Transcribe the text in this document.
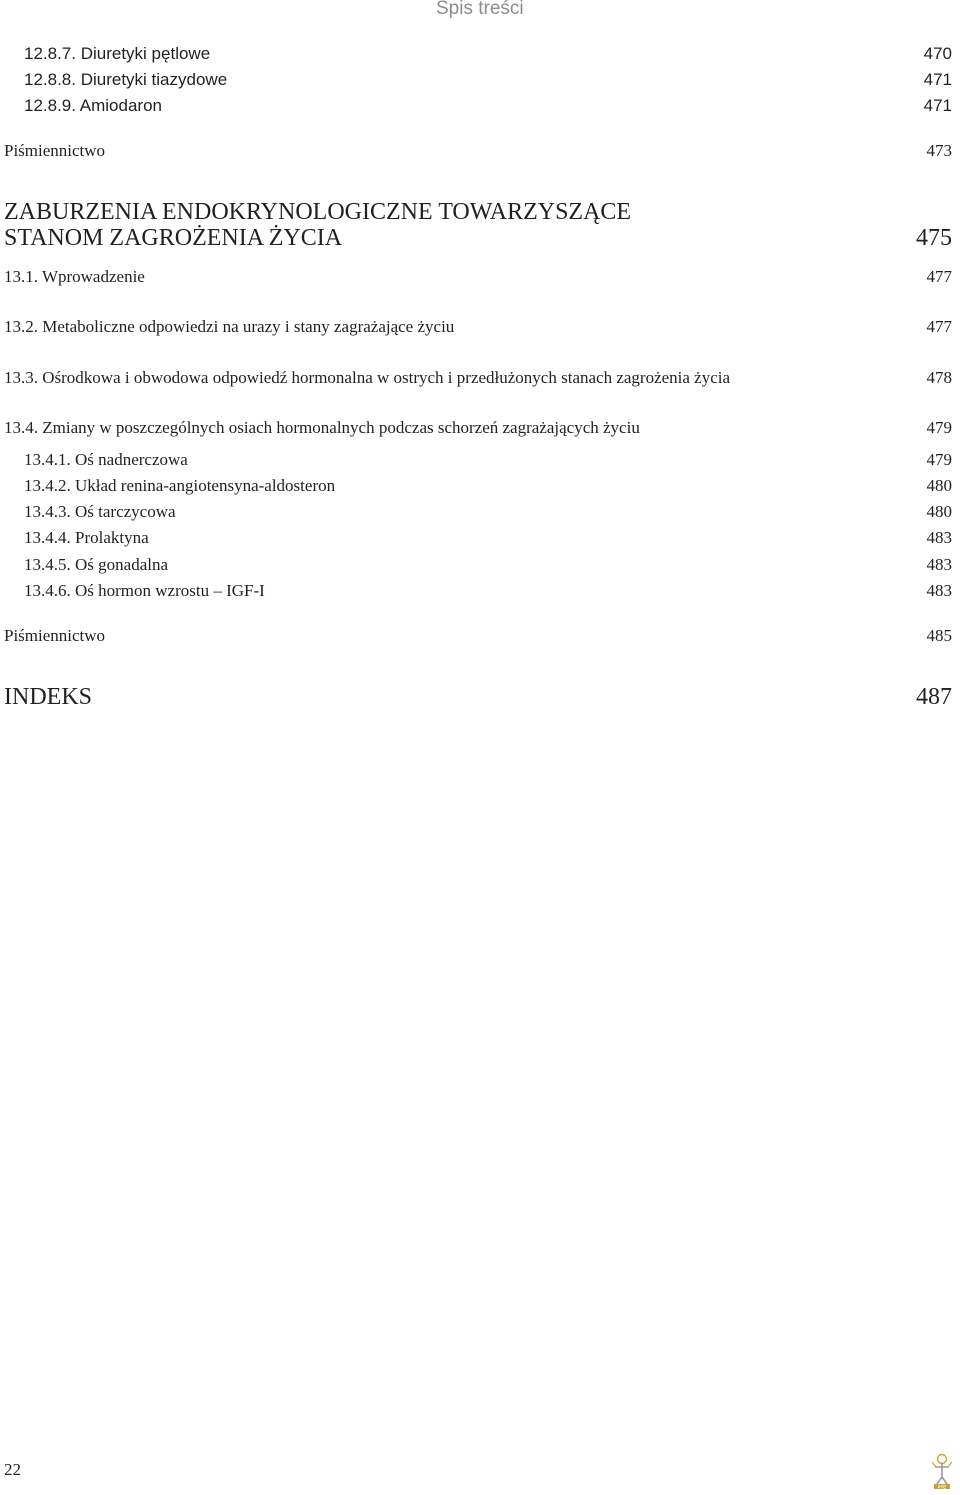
Spis treści
12.8.7. Diuretyki pętlowe	470
12.8.8. Diuretyki tiazydowe	471
12.8.9. Amiodaron	471
Piśmiennictwo	473
ZABURZENIA ENDOKRYNOLOGICZNE TOWARZYSZĄCE
STANOM ZAGROŻENIA ŻYCIA	475
13.1. Wprowadzenie	477
13.2. Metaboliczne odpowiedzi na urazy i stany zagrażające życiu	477
13.3. Ośrodkowa i obwodowa odpowiedź hormonalna w ostrych i przedłużonych stanach zagrożenia życia	478
13.4. Zmiany w poszczególnych osiach hormonalnych podczas schorzeń zagrażających życiu	479
13.4.1. Oś nadnerczowa	479
13.4.2. Układ renina-angiotensyna-aldosteron	480
13.4.3. Oś tarczycowa	480
13.4.4. Prolaktyna	483
13.4.5. Oś gonadalna	483
13.4.6. Oś hormon wzrostu – IGF-I	483
Piśmiennictwo	485
INDEKS	487
22
PTE
